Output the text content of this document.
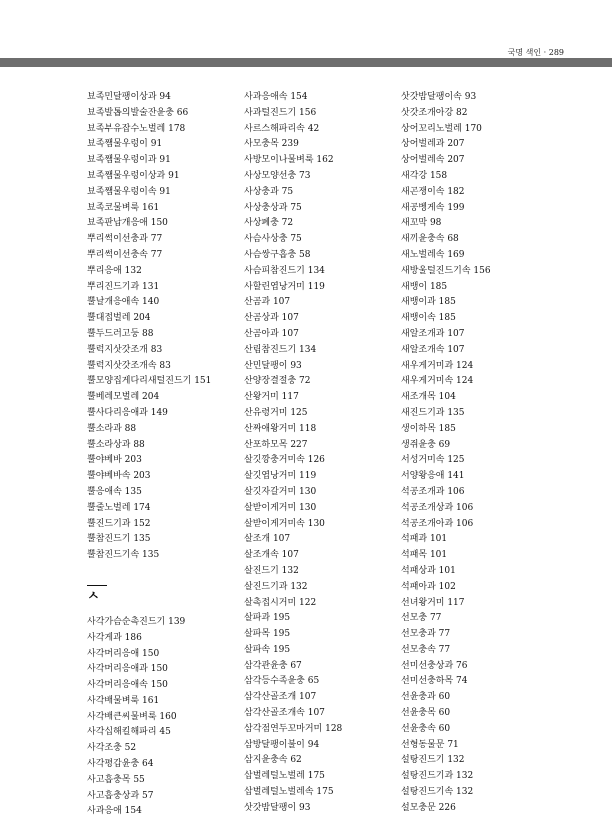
국명 색인 · 289
뵤족민달팽이상과 94
뵤족발톱의발술잔윤충 66
뵤족부유잡수노벌레 178
뵤족쨈물우렁이 91
뵤족쨈물우렁이과 91
뵤족쨈물우렁이상과 91
뵤족쨈물우렁이속 91
뵤족코물벼룩 161
뵤족판납개응애 150
뿌리썩이선충과 77
뿌리썩이선충속 77
뿌리응애 132
뿌리진드기과 131
뿔날개응애속 140
뿔대접벌레 204
뿔두드러고둥 88
뿔럭지삿갓조개 83
뿔럭지삿갓조개속 83
뿔모양집게다리새털진드기 151
뿔베레모벌레 204
뿔사다리응애과 149
뿔소라과 88
뿔소라상과 88
뿔야베바 203
뿔야베바속 203
뿔응애속 135
뿔줄노벌레 174
뿔진드기과 152
뿔참진드기 135
뿔참진드기속 135
ㅅ
사각가슴순촉진드기 139
사각게과 186
사각머리응애 150
사각머리응애과 150
사각머리응애속 150
사각배물벼룩 161
사각배큰씨물벼룩 160
사각십해킬해파리 45
사각조충 52
사각평갑윤충 64
사고흡충목 55
사고흡충상과 57
사과응애 154
사과응애속 154
사과털진드기 156
사르스해파리속 42
사모충목 239
사방모이나물벼룩 162
사상모양선충 73
사상충과 75
사상충상과 75
사상폐충 72
사슴사상충 75
사슴쌍구흡충 58
사슴피참진드기 134
사할린엽낭거미 119
산곰과 107
산곰상과 107
산곰아과 107
산림참진드기 134
산민달팽이 93
산양장결절충 72
산왕거미 117
산유령거미 125
산짜애왕거미 118
산포하모목 227
살깃깡충거미속 126
살깃엽낭거미 119
살깃자갈거미 130
살받이게거미 130
살받이게거미속 130
살조개 107
살조개속 107
살진드기 132
살진드기과 132
살촉접시거미 122
살파과 195
살파목 195
살파속 195
삼각관윤충 67
삼각등수족윤충 65
삼각산골조개 107
삼각산골조개속 107
삼각점연두꼬마거미 128
삼방달팽이불이 94
삼지윤충속 62
삽벌레털노벌레 175
삽벌레털노벌레속 175
삿갓밤달팽이 93
삿갓밤달팽이속 93
삿갓조개아강 82
상어꼬리노벌레 170
상어벌레과 207
상어벌레속 207
새각강 158
새곤쟁이속 182
새공벵게속 199
새꼬막 98
새끼윤충속 68
새노벌레속 169
새방울털진드기속 156
새뱅이 185
새뱅이과 185
새뱅이속 185
새알조개과 107
새알조개속 107
새우게거미과 124
새우게거미속 124
새조개목 104
새진드기과 135
생이하목 185
생쥐윤충 69
서성거미속 125
서양왕응애 141
석공조개과 106
석공조개상과 106
석공조개아과 106
석패과 101
석패목 101
석패상과 101
석패아과 102
선녀왕거미 117
선모충 77
선모충과 77
선모충속 77
선미선충상과 76
선미선충하목 74
선윤충과 60
선윤충목 60
선윤충속 60
선형동물문 71
설탕진드기 132
설탕진드기과 132
설탕진드기속 132
설모충문 226
